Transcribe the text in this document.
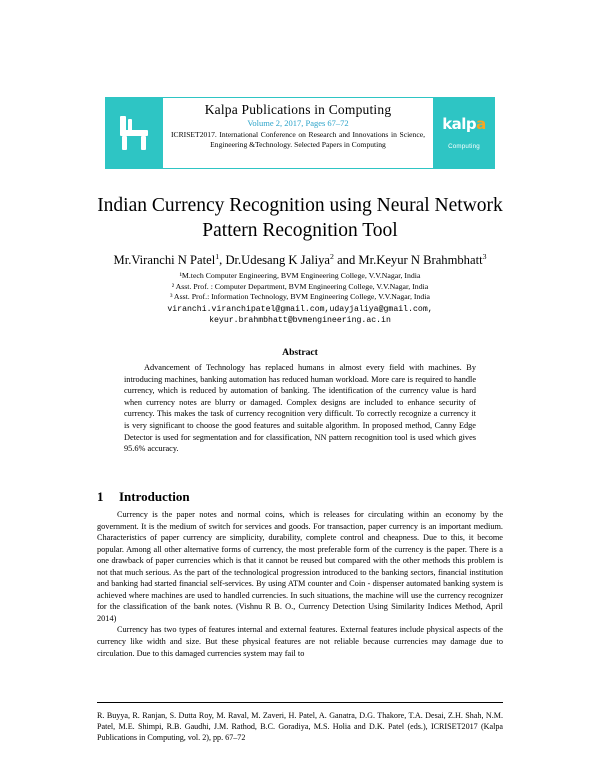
Kalpa Publications in Computing
Volume 2, 2017, Pages 67–72
ICRISET2017. International Conference on Research and Innovations in Science, Engineering &Technology. Selected Papers in Computing
kalpa
Computing
Indian Currency Recognition using Neural Network Pattern Recognition Tool
Mr.Viranchi N Patel$^1$, Dr.Udesang K Jaliya$^2$ and Mr.Keyur N Brahmbhatt$^3$
¹M.tech Computer Engineering, BVM Engineering College, V.V.Nagar, India
² Asst. Prof. : Computer Department, BVM Engineering College, V.V.Nagar, India
³ Asst. Prof.: Information Technology, BVM Engineering College, V.V.Nagar, India
viranchi.viranchipatel@gmail.com,udayjaliya@gmail.com,
keyur.brahmbhatt@bvmengineering.ac.in
Abstract
Advancement of Technology has replaced humans in almost every field with machines. By introducing machines, banking automation has reduced human workload. More care is required to handle currency, which is reduced by automation of banking. The identification of the currency value is hard when currency notes are blurry or damaged. Complex designs are included to enhance security of currency. This makes the task of currency recognition very difficult. To correctly recognize a currency it is very significant to choose the good features and suitable algorithm. In proposed method, Canny Edge Detector is used for segmentation and for classification, NN pattern recognition tool is used which gives 95.6% accuracy.
1 Introduction

Currency is the paper notes and normal coins, which is releases for circulating within an economy by the government. It is the medium of switch for services and goods. For transaction, paper currency is an important medium. Characteristics of paper currency are simplicity, durability, complete control and cheapness. Due to this, it become popular. Among all other alternative forms of currency, the most preferable form of the currency is the paper. There is a one drawback of paper currencies which is that it cannot be reused but compared with the other methods this problem is not that much serious. As the part of the technological progression introduced to the banking sectors, financial institution and banking had started financial self-services. By using ATM counter and Coin - dispenser automated banking system is achieved where machines are used to handled currencies. In such situations, the machine will use the currency recognizer for the classification of the bank notes. (Vishnu R B. O., Currency Detection Using Similarity Indices Method, April 2014)

Currency has two types of features internal and external features. External features include physical aspects of the currency like width and size. But these physical features are not reliable because currencies may damage due to circulation. Due to this damaged currencies system may fail to

R. Buyya, R. Ranjan, S. Dutta Roy, M. Raval, M. Zaveri, H. Patel, A. Ganatra, D.G. Thakore, T.A. Desai, Z.H. Shah, N.M. Patel, M.E. Shimpi, R.B. Gaudhi, J.M. Rathod, B.C. Goradiya, M.S. Holia and D.K. Patel (eds.), ICRISET2017 (Kalpa Publications in Computing, vol. 2), pp. 67–72
